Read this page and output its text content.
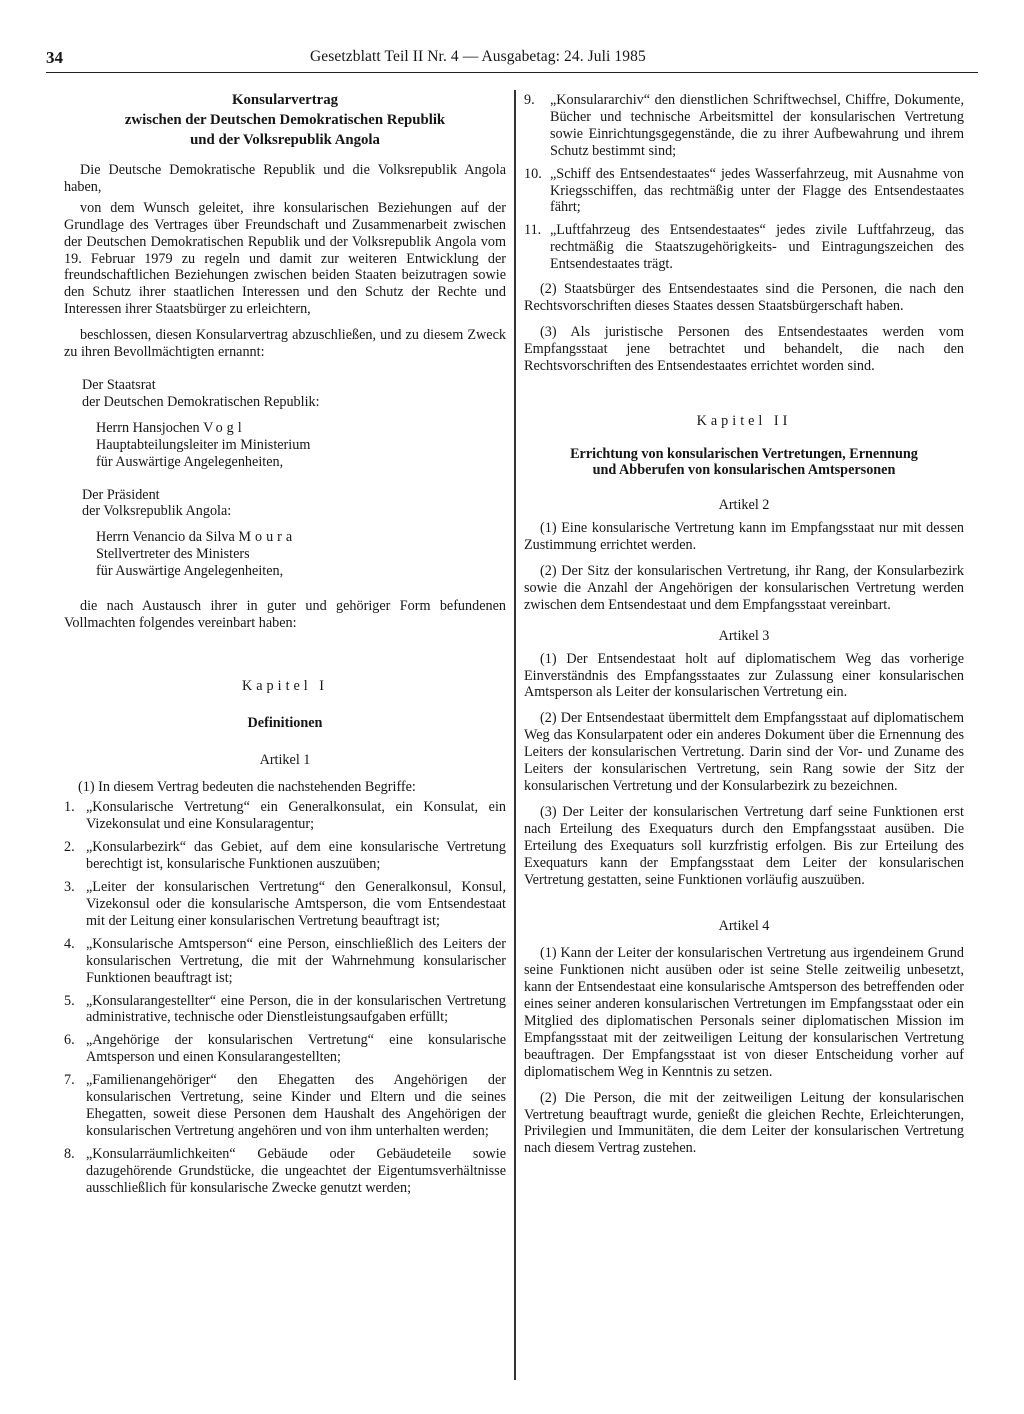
34	Gesetzblatt Teil II Nr. 4 — Ausgabetag: 24. Juli 1985
Konsularvertrag
zwischen der Deutschen Demokratischen Republik
und der Volksrepublik Angola

Die Deutsche Demokratische Republik und die Volksrepublik Angola haben,

von dem Wunsch geleitet, ihre konsularischen Beziehungen auf der Grundlage des Vertrages über Freundschaft und Zusammenarbeit zwischen der Deutschen Demokratischen Republik und der Volksrepublik Angola vom 19. Februar 1979 zu regeln und damit zur weiteren Entwicklung der freundschaftlichen Beziehungen zwischen beiden Staaten beizutragen sowie den Schutz ihrer staatlichen Interessen und den Schutz der Rechte und Interessen ihrer Staatsbürger zu erleichtern,

beschlossen, diesen Konsularvertrag abzuschließen, und zu diesem Zweck zu ihren Bevollmächtigten ernannt:

Der Staatsrat

der Deutschen Demokratischen Republik:

Herrn Hansjochen Vogl

Hauptabteilungsleiter im Ministerium

für Auswärtige Angelegenheiten,

Der Präsident

der Volksrepublik Angola:

Herrn Venancio da Silva Moura

Stellvertreter des Ministers

für Auswärtige Angelegenheiten,

die nach Austausch ihrer in guter und gehöriger Form befundenen Vollmachten folgendes vereinbart haben:

Kapitel I

Definitionen

Artikel 1

(1) In diesem Vertrag bedeuten die nachstehenden Begriffe:

1. „Konsularische Vertretung“ ein Generalkonsulat, ein Konsulat, ein Vizekonsulat und eine Konsularagentur;
2. „Konsularbezirk“ das Gebiet, auf dem eine konsularische Vertretung berechtigt ist, konsularische Funktionen auszuüben;
3. „Leiter der konsularischen Vertretung“ den Generalkonsul, Konsul, Vizekonsul oder die konsularische Amtsperson, die vom Entsendestaat mit der Leitung einer konsularischen Vertretung beauftragt ist;
4. „Konsularische Amtsperson“ eine Person, einschließlich des Leiters der konsularischen Vertretung, die mit der Wahrnehmung konsularischer Funktionen beauftragt ist;
5. „Konsularangestellter“ eine Person, die in der konsularischen Vertretung administrative, technische oder Dienstleistungsaufgaben erfüllt;
6. „Angehörige der konsularischen Vertretung“ eine konsularische Amtsperson und einen Konsularangestellten;
7. „Familienangehöriger“ den Ehegatten des Angehörigen der konsularischen Vertretung, seine Kinder und Eltern und die seines Ehegatten, soweit diese Personen dem Haushalt des Angehörigen der konsularischen Vertretung angehören und von ihm unterhalten werden;
8. „Konsularräumlichkeiten“ Gebäude oder Gebäudeteile sowie dazugehörende Grundstücke, die ungeachtet der Eigentumsverhältnisse ausschließlich für konsularische Zwecke genutzt werden;
9. „Konsulararchiv“ den dienstlichen Schriftwechsel, Chiffre, Dokumente, Bücher und technische Arbeitsmittel der konsularischen Vertretung sowie Einrichtungsgegenstände, die zu ihrer Aufbewahrung und ihrem Schutz bestimmt sind;
10. „Schiff des Entsendestaates“ jedes Wasserfahrzeug, mit Ausnahme von Kriegsschiffen, das rechtmäßig unter der Flagge des Entsendestaates fährt;
11. „Luftfahrzeug des Entsendestaates“ jedes zivile Luftfahrzeug, das rechtmäßig die Staatszugehörigkeits- und Eintragungszeichen des Entsendestaates trägt.

(2) Staatsbürger des Entsendestaates sind die Personen, die nach den Rechtsvorschriften dieses Staates dessen Staatsbürgerschaft haben.

(3) Als juristische Personen des Entsendestaates werden vom Empfangsstaat jene betrachtet und behandelt, die nach den Rechtsvorschriften des Entsendestaates errichtet worden sind.

Kapitel II

Errichtung von konsularischen Vertretungen, Ernennung
und Abberufen von konsularischen Amtspersonen

Artikel 2

(1) Eine konsularische Vertretung kann im Empfangsstaat nur mit dessen Zustimmung errichtet werden.

(2) Der Sitz der konsularischen Vertretung, ihr Rang, der Konsularbezirk sowie die Anzahl der Angehörigen der konsularischen Vertretung werden zwischen dem Entsendestaat und dem Empfangsstaat vereinbart.

Artikel 3

(1) Der Entsendestaat holt auf diplomatischem Weg das vorherige Einverständnis des Empfangsstaates zur Zulassung einer konsularischen Amtsperson als Leiter der konsularischen Vertretung ein.

(2) Der Entsendestaat übermittelt dem Empfangsstaat auf diplomatischem Weg das Konsularpatent oder ein anderes Dokument über die Ernennung des Leiters der konsularischen Vertretung. Darin sind der Vor- und Zuname des Leiters der konsularischen Vertretung, sein Rang sowie der Sitz der konsularischen Vertretung und der Konsularbezirk zu bezeichnen.

(3) Der Leiter der konsularischen Vertretung darf seine Funktionen erst nach Erteilung des Exequaturs durch den Empfangsstaat ausüben. Die Erteilung des Exequaturs soll kurzfristig erfolgen. Bis zur Erteilung des Exequaturs kann der Empfangsstaat dem Leiter der konsularischen Vertretung gestatten, seine Funktionen vorläufig auszuüben.

Artikel 4

(1) Kann der Leiter der konsularischen Vertretung aus irgendeinem Grund seine Funktionen nicht ausüben oder ist seine Stelle zeitweilig unbesetzt, kann der Entsendestaat eine konsularische Amtsperson des betreffenden oder eines seiner anderen konsularischen Vertretungen im Empfangsstaat oder ein Mitglied des diplomatischen Personals seiner diplomatischen Mission im Empfangsstaat mit der zeitweiligen Leitung der konsularischen Vertretung beauftragen. Der Empfangsstaat ist von dieser Entscheidung vorher auf diplomatischem Weg in Kenntnis zu setzen.

(2) Die Person, die mit der zeitweiligen Leitung der konsularischen Vertretung beauftragt wurde, genießt die gleichen Rechte, Erleichterungen, Privilegien und Immunitäten, die dem Leiter der konsularischen Vertretung nach diesem Vertrag zustehen.
